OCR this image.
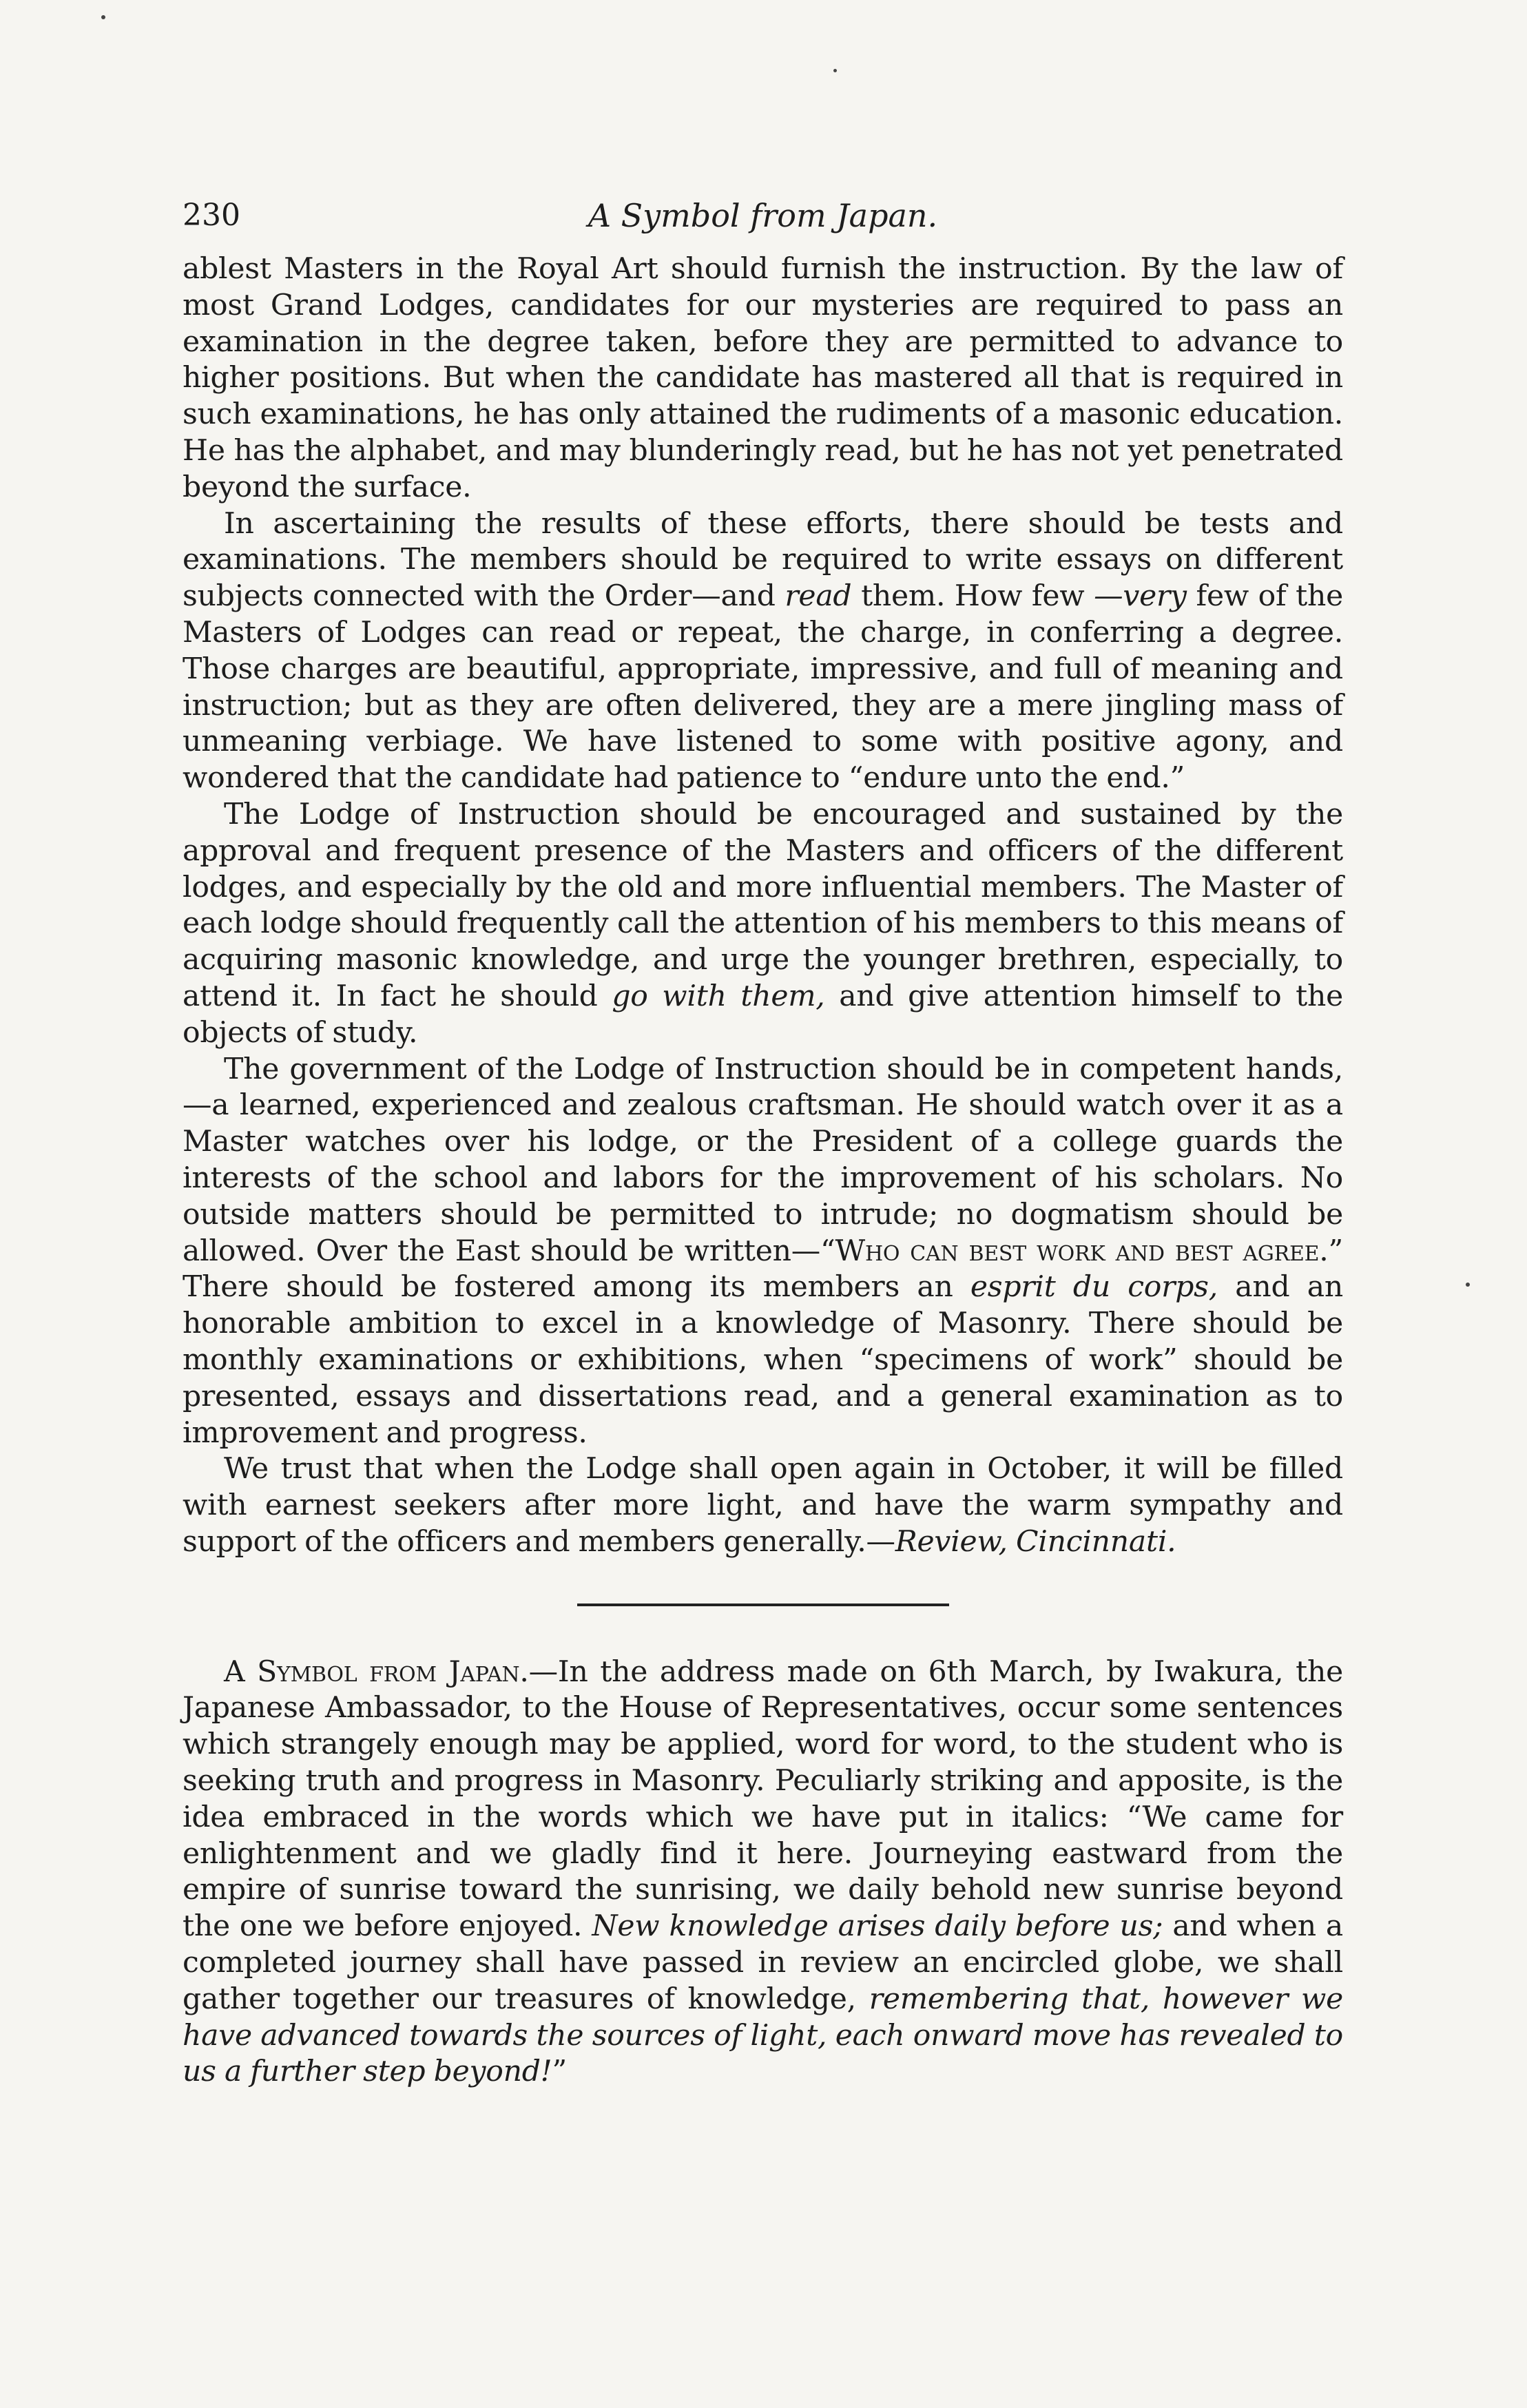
230	A Symbol from Japan.

ablest Masters in the Royal Art should furnish the instruction. By the law of most Grand Lodges, candidates for our mysteries are required to pass an examination in the degree taken, before they are permitted to advance to higher positions. But when the candidate has mastered all that is required in such examinations, he has only attained the rudiments of a masonic education. He has the alphabet, and may blunderingly read, but he has not yet penetrated beyond the surface.

In ascertaining the results of these efforts, there should be tests and examinations. The members should be required to write essays on different subjects connected with the Order—and read them. How few —very few of the Masters of Lodges can read or repeat, the charge, in conferring a degree. Those charges are beautiful, appropriate, impressive, and full of meaning and instruction; but as they are often delivered, they are a mere jingling mass of unmeaning verbiage. We have listened to some with positive agony, and wondered that the candidate had patience to “endure unto the end.”

The Lodge of Instruction should be encouraged and sustained by the approval and frequent presence of the Masters and officers of the different lodges, and especially by the old and more influential members. The Master of each lodge should frequently call the attention of his members to this means of acquiring masonic knowledge, and urge the younger brethren, especially, to attend it. In fact he should go with them, and give attention himself to the objects of study.

The government of the Lodge of Instruction should be in competent hands,—a learned, experienced and zealous craftsman. He should watch over it as a Master watches over his lodge, or the President of a college guards the interests of the school and labors for the improvement of his scholars. No outside matters should be permitted to intrude; no dogmatism should be allowed. Over the East should be written—“Who can best work and best agree.” There should be fostered among its members an esprit du corps, and an honorable ambition to excel in a knowledge of Masonry. There should be monthly examinations or exhibitions, when “specimens of work” should be presented, essays and dissertations read, and a general examination as to improvement and progress.

We trust that when the Lodge shall open again in October, it will be filled with earnest seekers after more light, and have the warm sympathy and support of the officers and members generally.—Review, Cincinnati.

A Symbol from Japan.—In the address made on 6th March, by Iwakura, the Japanese Ambassador, to the House of Representatives, occur some sentences which strangely enough may be applied, word for word, to the student who is seeking truth and progress in Masonry. Peculiarly striking and apposite, is the idea embraced in the words which we have put in italics: “We came for enlightenment and we gladly find it here. Journeying eastward from the empire of sunrise toward the sunrising, we daily behold new sunrise beyond the one we before enjoyed. New knowledge arises daily before us; and when a completed journey shall have passed in review an encircled globe, we shall gather together our treasures of knowledge, remembering that, however we have advanced towards the sources of light, each onward move has revealed to us a further step beyond!”
